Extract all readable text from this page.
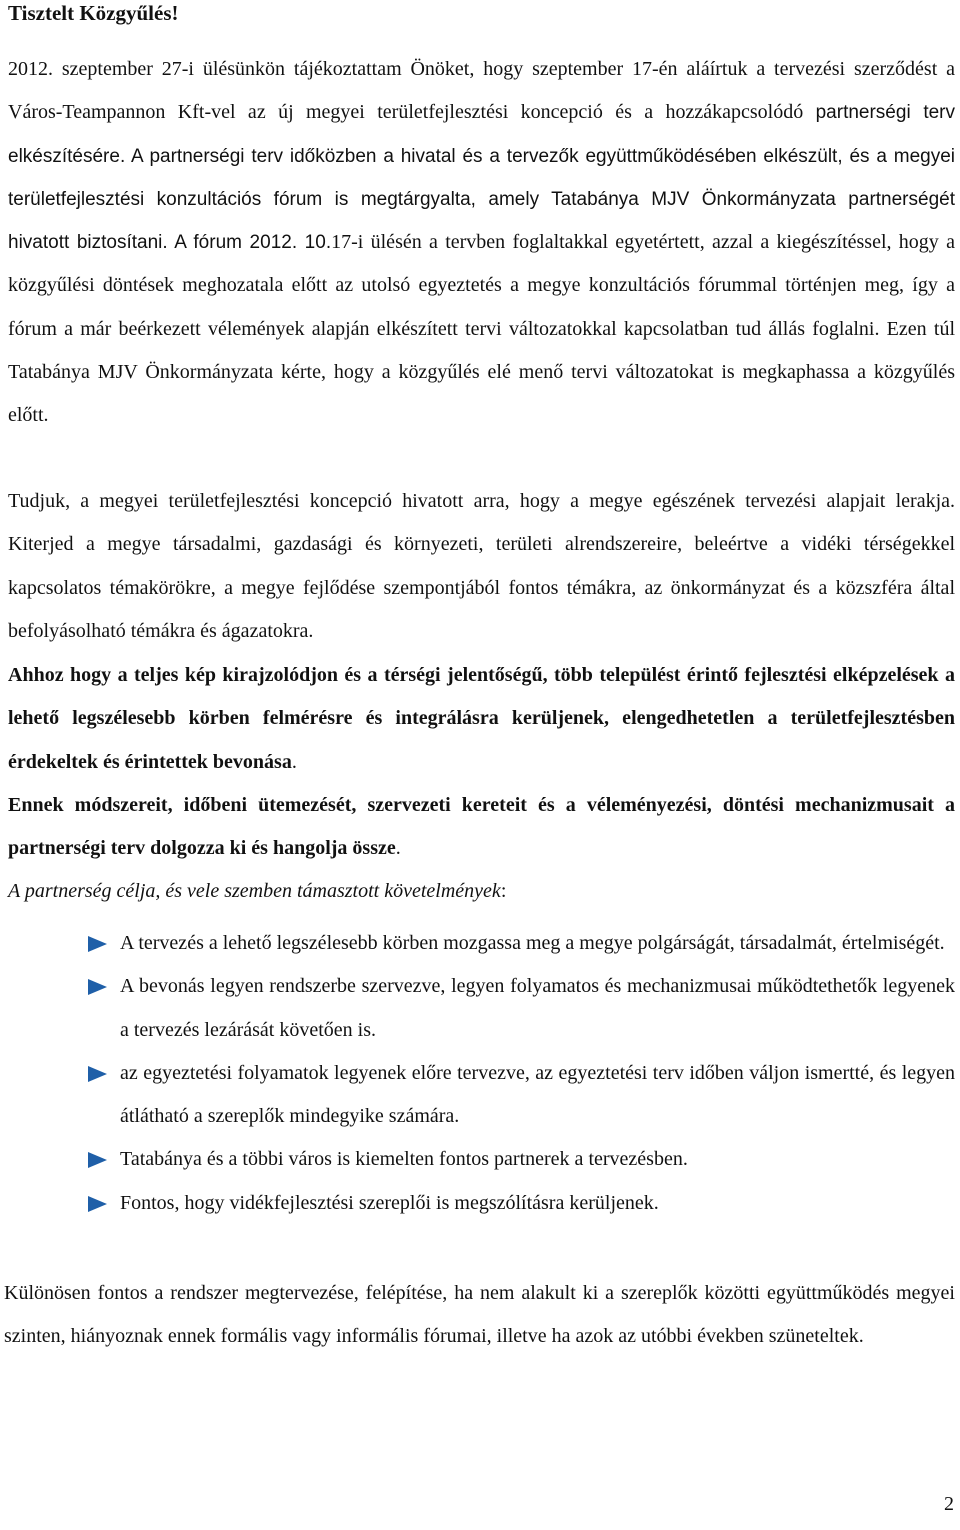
Tisztelt Közgyűlés!

2012. szeptember 27-i ülésünkön tájékoztattam Önöket, hogy szeptember 17-én aláírtuk a tervezési szerződést a Város-Teampannon Kft-vel az új megyei területfejlesztési koncepció és a hozzákapcsolódó partnerségi terv elkészítésére. A partnerségi terv időközben a hivatal és a tervezők együttműködésében elkészült, és a megyei területfejlesztési konzultációs fórum is megtárgyalta, amely Tatabánya MJV Önkormányzata partnerségét hivatott biztosítani. A fórum 2012. 10.17-i ülésén a tervben foglaltakkal egyetértett, azzal a kiegészítéssel, hogy a közgyűlési döntések meghozatala előtt az utolsó egyeztetés a megye konzultációs fórummal történjen meg, így a fórum a már beérkezett vélemények alapján elkészített tervi változatokkal kapcsolatban tud állás foglalni. Ezen túl Tatabánya MJV Önkormányzata kérte, hogy a közgyűlés elé menő tervi változatokat is megkaphassa a közgyűlés előtt.

Tudjuk, a megyei területfejlesztési koncepció hivatott arra, hogy a megye egészének tervezési alapjait lerakja. Kiterjed a megye társadalmi, gazdasági és környezeti, területi alrendszereire, beleértve a vidéki térségekkel kapcsolatos témakörökre, a megye fejlődése szempontjából fontos témákra, az önkormányzat és a közszféra által befolyásolható témákra és ágazatokra.

Ahhoz hogy a teljes kép kirajzolódjon és a térségi jelentőségű, több települést érintő fejlesztési elképzelések a lehető legszélesebb körben felmérésre és integrálásra kerüljenek, elengedhetetlen a területfejlesztésben érdekeltek és érintettek bevonása.

Ennek módszereit, időbeni ütemezését, szervezeti kereteit és a véleményezési, döntési mechanizmusait a partnerségi terv dolgozza ki és hangolja össze.

A partnerség célja, és vele szemben támasztott követelmények:

A tervezés a lehető legszélesebb körben mozgassa meg a megye polgárságát, társadalmát, értelmiségét.
A bevonás legyen rendszerbe szervezve, legyen folyamatos és mechanizmusai működtethetők legyenek a tervezés lezárását követően is.
az egyeztetési folyamatok legyenek előre tervezve, az egyeztetési terv időben váljon ismertté, és legyen átlátható a szereplők mindegyike számára.
Tatabánya és a többi város is kiemelten fontos partnerek a tervezésben.
Fontos, hogy vidékfejlesztési szereplői is megszólításra kerüljenek.

Különösen fontos a rendszer megtervezése, felépítése, ha nem alakult ki a szereplők közötti együttműködés megyei szinten, hiányoznak ennek formális vagy informális fórumai, illetve ha azok az utóbbi években szüneteltek.

2
